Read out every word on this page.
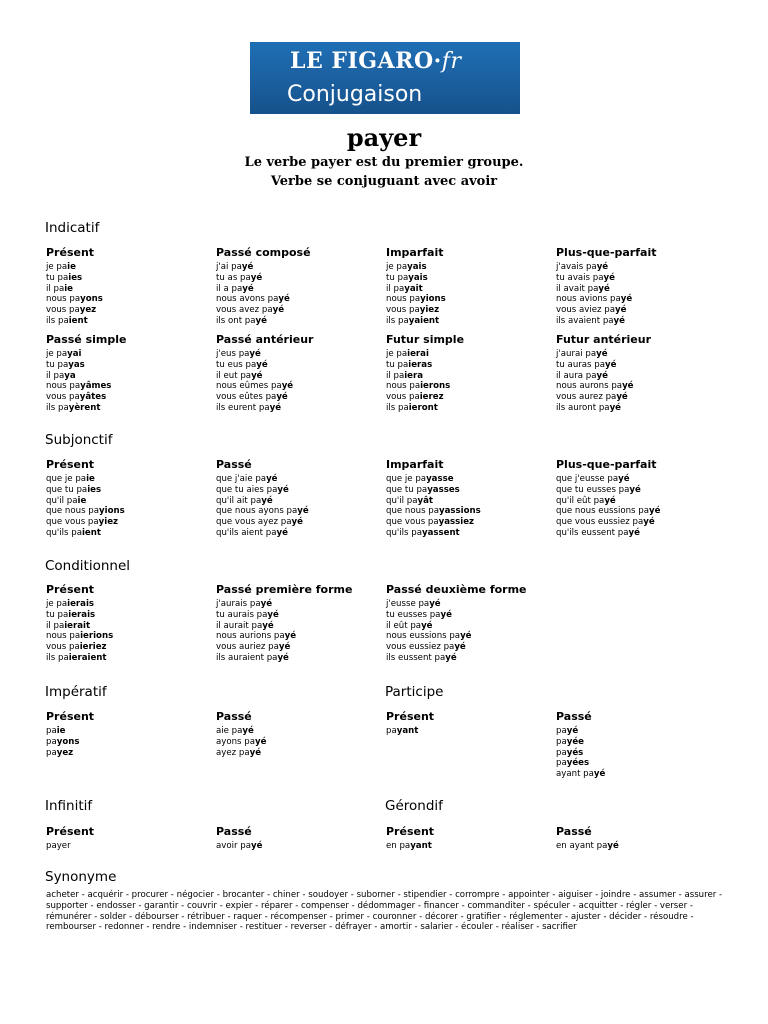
LE FIGARO·fr
Conjugaison
payer
Le verbe payer est du premier groupe.
Verbe se conjuguant avec avoir
Indicatif
Subjonctif
Conditionnel
Impératif	Participe
Infinitif	Gérondif
Présent
je paie
tu paies
il paie
nous payons
vous payez
ils paient
Passé composé
j'ai payé
tu as payé
il a payé
nous avons payé
vous avez payé
ils ont payé
Imparfait
je payais
tu payais
il payait
nous payions
vous payiez
ils payaient
Plus-que-parfait
j'avais payé
tu avais payé
il avait payé
nous avions payé
vous aviez payé
ils avaient payé
Passé simple
je payai
tu payas
il paya
nous payâmes
vous payâtes
ils payèrent
Passé antérieur
j'eus payé
tu eus payé
il eut payé
nous eûmes payé
vous eûtes payé
ils eurent payé
Futur simple
je paierai
tu paieras
il paiera
nous paierons
vous paierez
ils paieront
Futur antérieur
j'aurai payé
tu auras payé
il aura payé
nous aurons payé
vous aurez payé
ils auront payé
Présent
que je paie
que tu paies
qu'il paie
que nous payions
que vous payiez
qu'ils paient
Passé
que j'aie payé
que tu aies payé
qu'il ait payé
que nous ayons payé
que vous ayez payé
qu'ils aient payé
Imparfait
que je payasse
que tu payasses
qu'il payât
que nous payassions
que vous payassiez
qu'ils payassent
Plus-que-parfait
que j'eusse payé
que tu eusses payé
qu'il eût payé
que nous eussions payé
que vous eussiez payé
qu'ils eussent payé
Présent
je paierais
tu paierais
il paierait
nous paierions
vous paieriez
ils paieraient
Passé première forme
j'aurais payé
tu aurais payé
il aurait payé
nous aurions payé
vous auriez payé
ils auraient payé
Passé deuxième forme
j'eusse payé
tu eusses payé
il eût payé
nous eussions payé
vous eussiez payé
ils eussent payé
Présent
paie
payons
payez
Passé
aie payé
ayons payé
ayez payé
Présent
payant
Passé
payé
payée
payés
payées
ayant payé
Présent
payer
Passé
avoir payé
Présent
en payant
Passé
en ayant payé
Synonyme
acheter - acquérir - procurer - négocier - brocanter - chiner - soudoyer - suborner - stipendier - corrompre - appointer - aiguiser - joindre - assumer - assurer - supporter - endosser - garantir - couvrir - expier - réparer - compenser - dédommager - financer - commanditer - spéculer - acquitter - régler - verser - rémunérer - solder - débourser - rétribuer - raquer - récompenser - primer - couronner - décorer - gratifier - réglementer - ajuster - décider - résoudre - rembourser - redonner - rendre - indemniser - restituer - reverser - défrayer - amortir - salarier - écouler - réaliser - sacrifier
